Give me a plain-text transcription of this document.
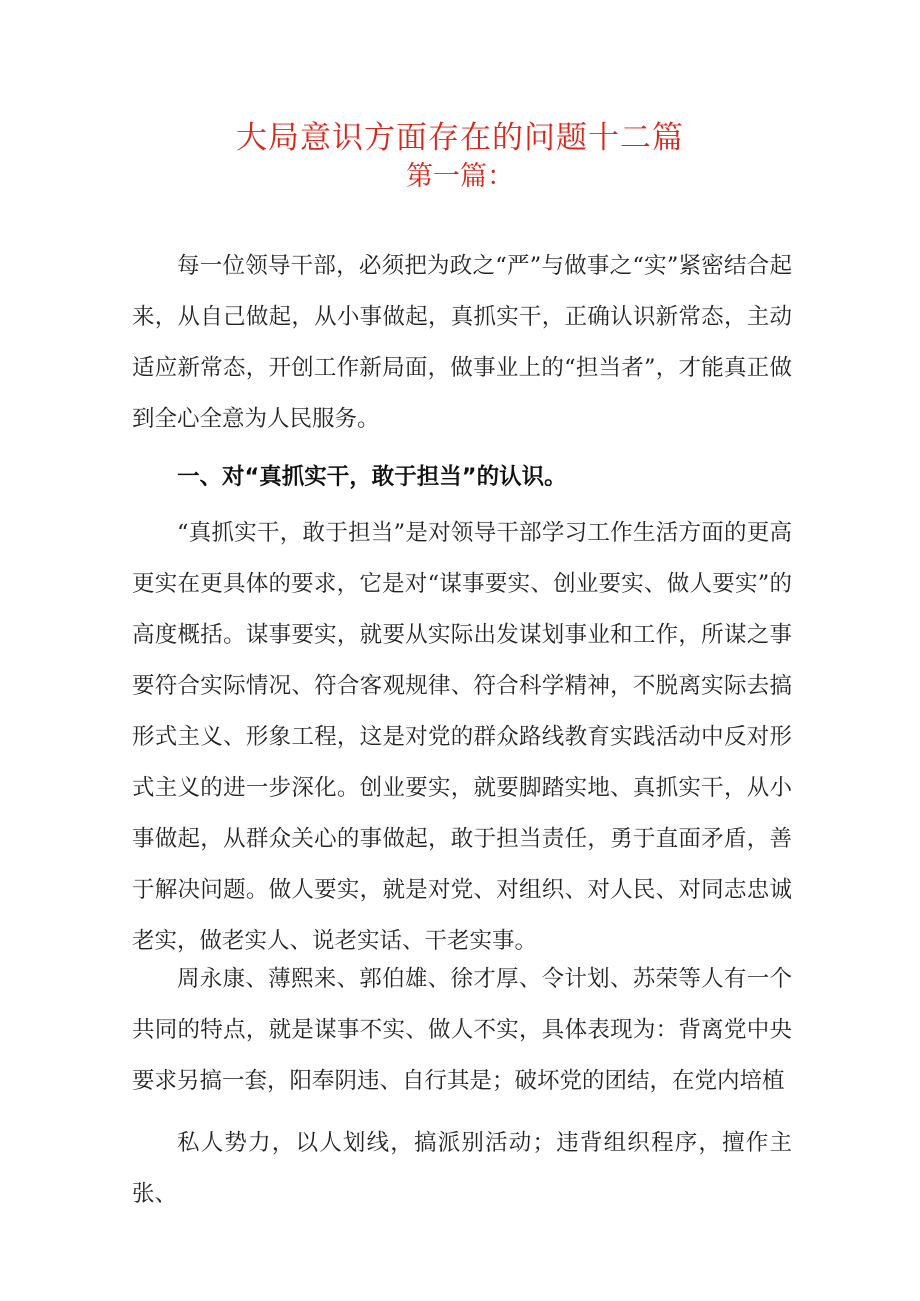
大局意识方面存在的问题十二篇
第一篇：

每一位领导干部，必须把为政之“严”与做事之“实”紧密结合起来，从自己做起，从小事做起，真抓实干，正确认识新常态，主动适应新常态，开创工作新局面，做事业上的“担当者”，才能真正做到全心全意为人民服务。

一、对“真抓实干，敢于担当”的认识。

“真抓实干，敢于担当”是对领导干部学习工作生活方面的更高更实在更具体的要求，它是对“谋事要实、创业要实、做人要实”的高度概括。谋事要实，就要从实际出发谋划事业和工作，所谋之事要符合实际情况、符合客观规律、符合科学精神，不脱离实际去搞形式主义、形象工程，这是对党的群众路线教育实践活动中反对形式主义的进一步深化。创业要实，就要脚踏实地、真抓实干，从小事做起，从群众关心的事做起，敢于担当责任，勇于直面矛盾，善于解决问题。做人要实，就是对党、对组织、对人民、对同志忠诚老实，做老实人、说老实话、干老实事。

周永康、薄熙来、郭伯雄、徐才厚、令计划、苏荣等人有一个共同的特点，就是谋事不实、做人不实，具体表现为：背离党中央要求另搞一套，阳奉阴违、自行其是；破坏党的团结，在党内培植

私人势力，以人划线，搞派别活动；违背组织程序，擅作主张、
